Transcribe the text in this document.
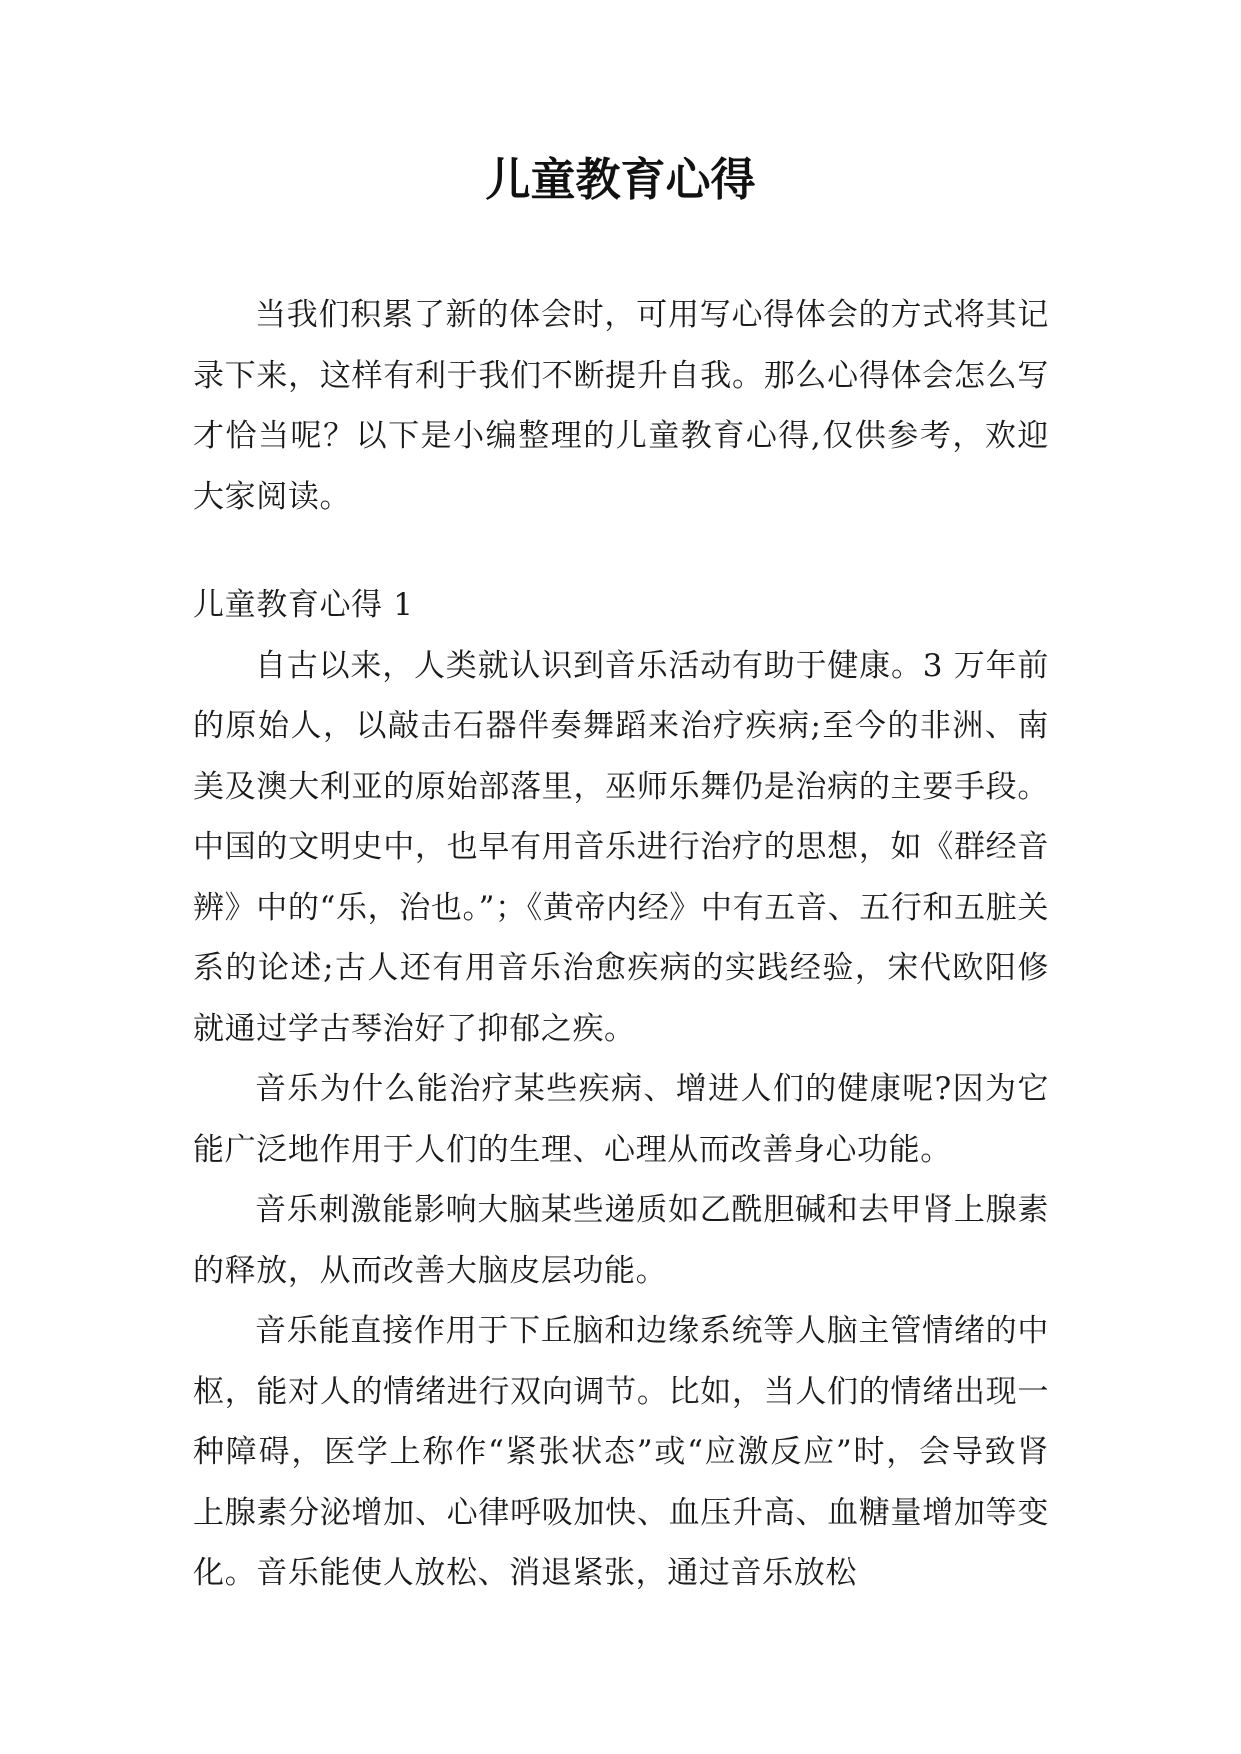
儿童教育心得

当我们积累了新的体会时，可用写心得体会的方式将其记录下来，这样有利于我们不断提升自我。那么心得体会怎么写才恰当呢？以下是小编整理的儿童教育心得,仅供参考，欢迎大家阅读。

儿童教育心得 1

自古以来，人类就认识到音乐活动有助于健康。3 万年前的原始人，以敲击石器伴奏舞蹈来治疗疾病;至今的非洲、南美及澳大利亚的原始部落里，巫师乐舞仍是治病的主要手段。中国的文明史中，也早有用音乐进行治疗的思想，如《群经音辨》中的“乐，治也。”；《黄帝内经》中有五音、五行和五脏关系的论述;古人还有用音乐治愈疾病的实践经验，宋代欧阳修就通过学古琴治好了抑郁之疾。

音乐为什么能治疗某些疾病、增进人们的健康呢?因为它能广泛地作用于人们的生理、心理从而改善身心功能。

音乐刺激能影响大脑某些递质如乙酰胆碱和去甲肾上腺素的释放，从而改善大脑皮层功能。

音乐能直接作用于下丘脑和边缘系统等人脑主管情绪的中枢，能对人的情绪进行双向调节。比如，当人们的情绪出现一种障碍，医学上称作“紧张状态”或“应激反应”时，会导致肾上腺素分泌增加、心律呼吸加快、血压升高、血糖量增加等变化。音乐能使人放松、消退紧张，通过音乐放松
